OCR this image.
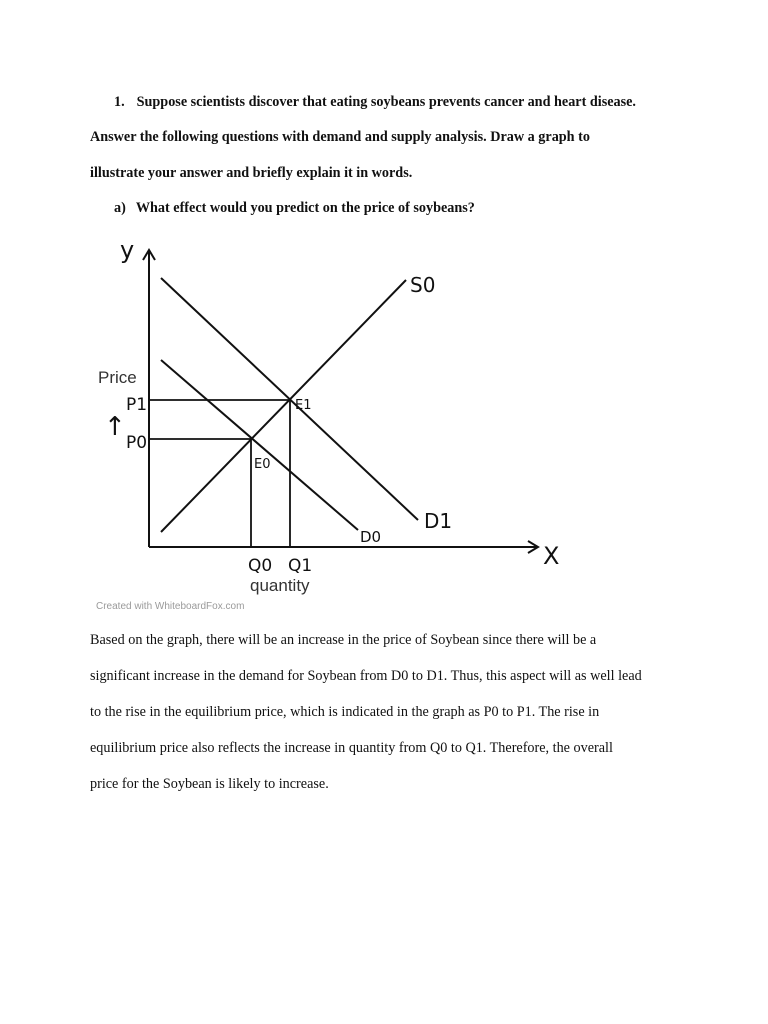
1. Suppose scientists discover that eating soybeans prevents cancer and heart disease.
Answer the following questions with demand and supply analysis. Draw a graph to
illustrate your answer and briefly explain it in words.
a) What effect would you predict on the price of soybeans?
y
X
Price
↑
P1
P0
E1
E0
S0
D1
D0
Q0 Q1
quantity
Created with WhiteboardFox.com
Based on the graph, there will be an increase in the price of Soybean since there will be a
significant increase in the demand for Soybean from D0 to D1. Thus, this aspect will as well lead
to the rise in the equilibrium price, which is indicated in the graph as P0 to P1. The rise in
equilibrium price also reflects the increase in quantity from Q0 to Q1. Therefore, the overall
price for the Soybean is likely to increase.
